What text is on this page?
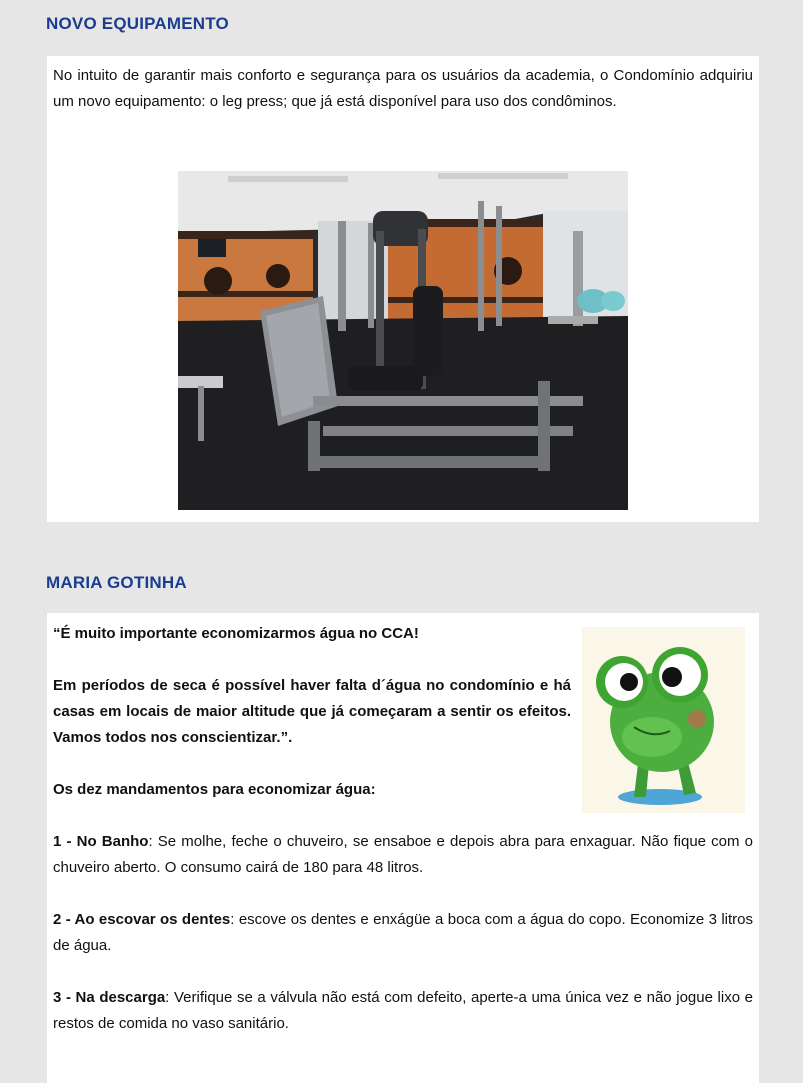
NOVO EQUIPAMENTO

No intuito de garantir mais conforto e segurança para os usuários da academia, o Condomínio adquiriu um novo equipamento: o leg press; que já está disponível para uso dos condôminos.

MARIA GOTINHA

“É muito importante economizarmos água no CCA!

Em períodos de seca é possível haver falta d´água no condomínio e há casas em locais de maior altitude que já começaram a sentir os efeitos. Vamos todos nos conscientizar.”.

Os dez mandamentos para economizar água:

1 - No Banho: Se molhe, feche o chuveiro, se ensaboe e depois abra para enxaguar. Não fique com o chuveiro aberto. O consumo cairá de 180 para 48 litros.

2 - Ao escovar os dentes: escove os dentes e enxágüe a boca com a água do copo. Economize 3 litros de água.

3 - Na descarga: Verifique se a válvula não está com defeito, aperte-a uma única vez e não jogue lixo e restos de comida no vaso sanitário.
